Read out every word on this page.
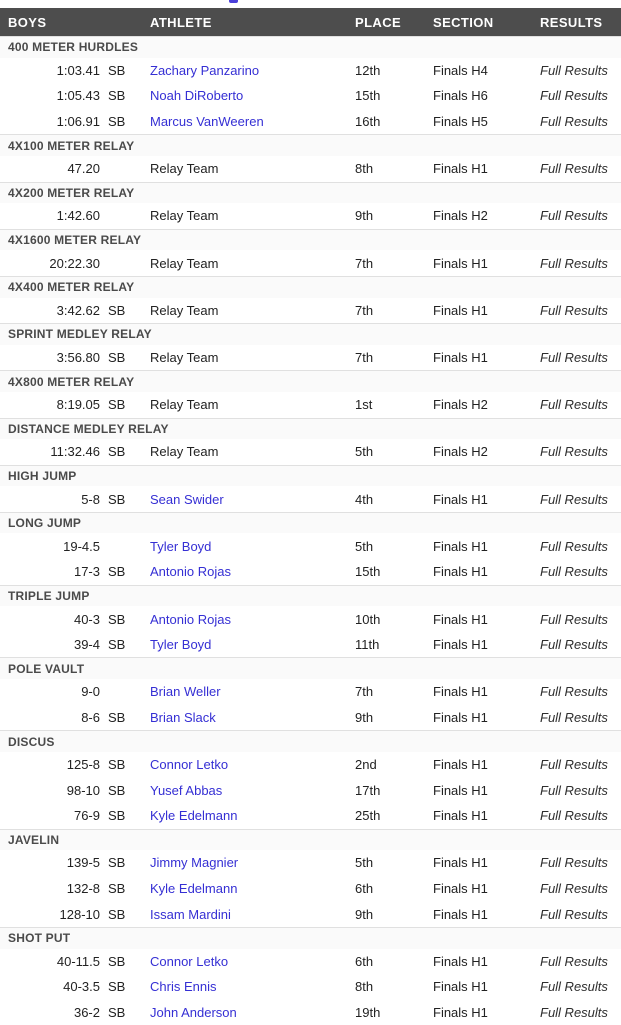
BOYS	ATHLETE	PLACE	SECTION	RESULTS
400 METER HURDLES
1:03.41 SB	Zachary Panzarino	12th	Finals H4	Full Results
1:05.43 SB	Noah DiRoberto	15th	Finals H6	Full Results
1:06.91 SB	Marcus VanWeeren	16th	Finals H5	Full Results
4X100 METER RELAY
47.20	Relay Team	8th	Finals H1	Full Results
4X200 METER RELAY
1:42.60	Relay Team	9th	Finals H2	Full Results
4X1600 METER RELAY
20:22.30	Relay Team	7th	Finals H1	Full Results
4X400 METER RELAY
3:42.62 SB	Relay Team	7th	Finals H1	Full Results
SPRINT MEDLEY RELAY
3:56.80 SB	Relay Team	7th	Finals H1	Full Results
4X800 METER RELAY
8:19.05 SB	Relay Team	1st	Finals H2	Full Results
DISTANCE MEDLEY RELAY
11:32.46 SB	Relay Team	5th	Finals H2	Full Results
HIGH JUMP
5-8 SB	Sean Swider	4th	Finals H1	Full Results
LONG JUMP
19-4.5	Tyler Boyd	5th	Finals H1	Full Results
17-3 SB	Antonio Rojas	15th	Finals H1	Full Results
TRIPLE JUMP
40-3 SB	Antonio Rojas	10th	Finals H1	Full Results
39-4 SB	Tyler Boyd	11th	Finals H1	Full Results
POLE VAULT
9-0	Brian Weller	7th	Finals H1	Full Results
8-6 SB	Brian Slack	9th	Finals H1	Full Results
DISCUS
125-8 SB	Connor Letko	2nd	Finals H1	Full Results
98-10 SB	Yusef Abbas	17th	Finals H1	Full Results
76-9 SB	Kyle Edelmann	25th	Finals H1	Full Results
JAVELIN
139-5 SB	Jimmy Magnier	5th	Finals H1	Full Results
132-8 SB	Kyle Edelmann	6th	Finals H1	Full Results
128-10 SB	Issam Mardini	9th	Finals H1	Full Results
SHOT PUT
40-11.5 SB	Connor Letko	6th	Finals H1	Full Results
40-3.5 SB	Chris Ennis	8th	Finals H1	Full Results
36-2 SB	John Anderson	19th	Finals H1	Full Results
